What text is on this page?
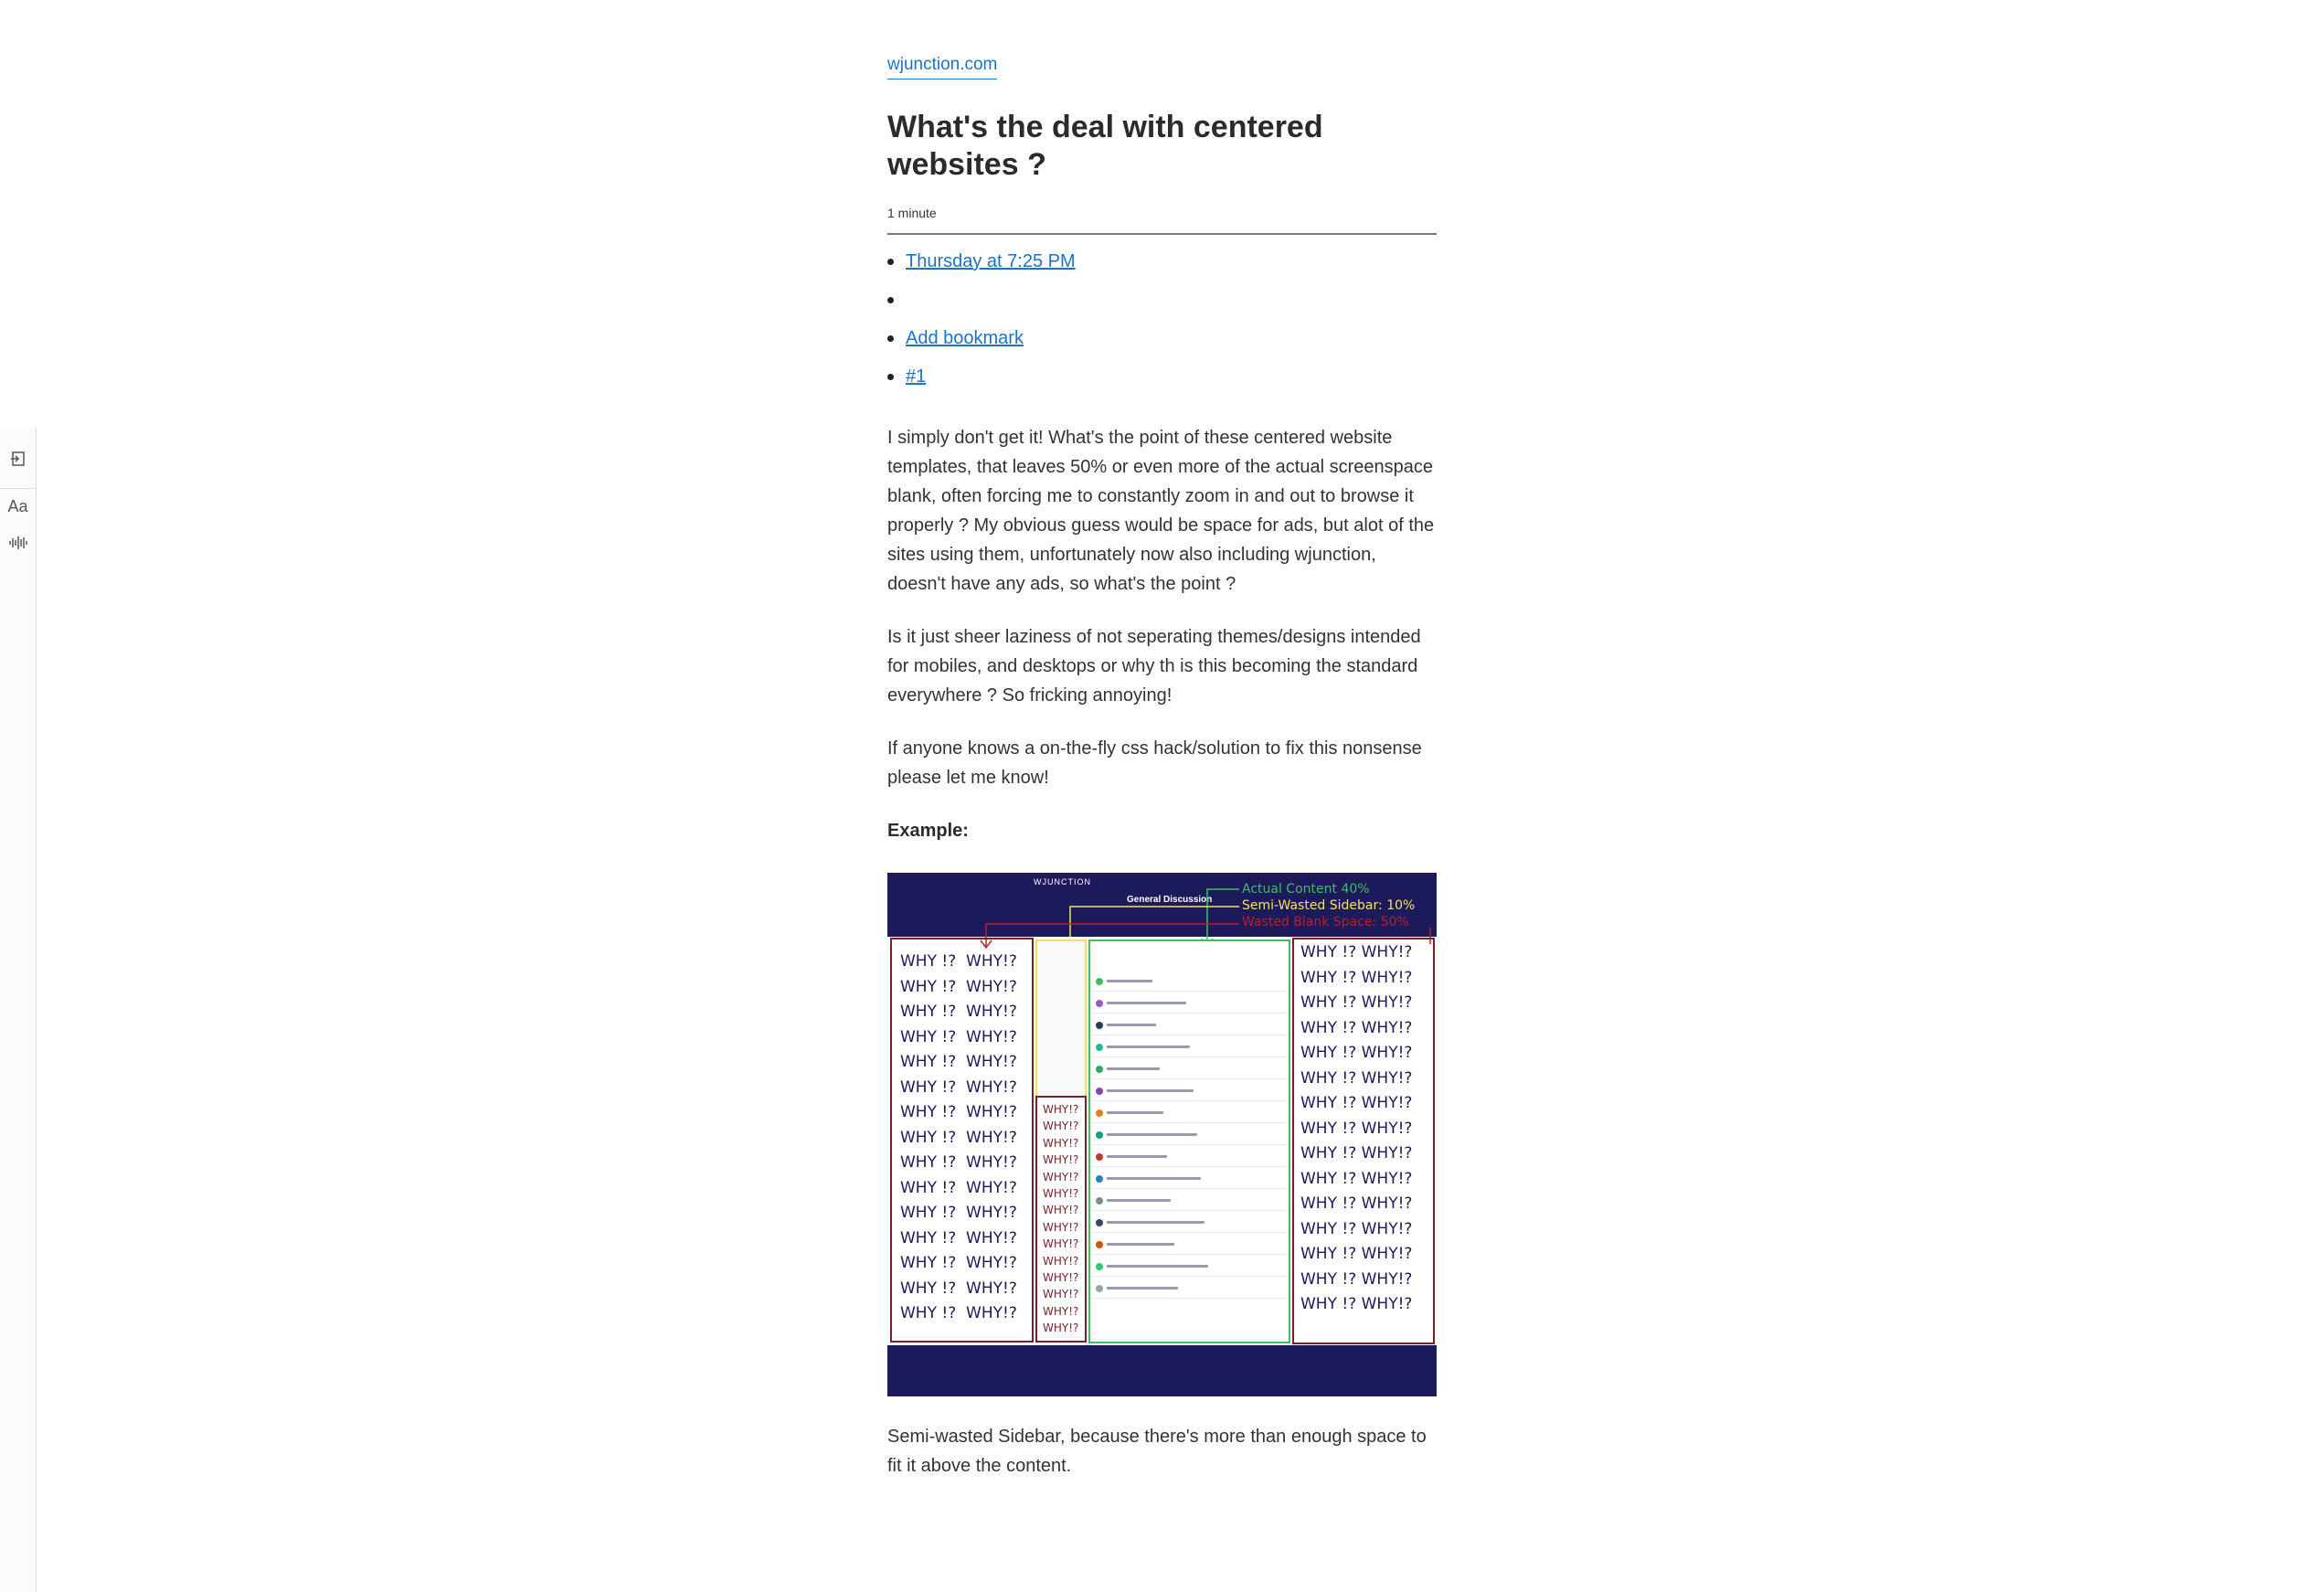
Aa
wjunction.com
What's the deal with centered websites ?
1 minute
Thursday at 7:25 PM
Add bookmark
#1

I simply don't get it! What's the point of these centered website templates, that leaves 50% or even more of the actual screenspace blank, often forcing me to constantly zoom in and out to browse it properly ? My obvious guess would be space for ads, but alot of the sites using them, unfortunately now also including wjunction, doesn't have any ads, so what's the point ?

Is it just sheer laziness of not seperating themes/designs intended for mobiles, and desktops or why th is this becoming the standard everywhere ? So fricking annoying!

If anyone knows a on-the-fly css hack/solution to fix this nonsense please let me know!

Example:

WJUNCTION
General Discussion
Actual Content 40%
Semi-Wasted Sidebar: 10%
Wasted Blank Space: 50%
WHY !?  WHY!?
WHY !?  WHY!?
WHY !?  WHY!?
WHY !?  WHY!?
WHY !?  WHY!?
WHY !?  WHY!?
WHY !?  WHY!?
WHY !?  WHY!?
WHY !?  WHY!?
WHY !?  WHY!?
WHY !?  WHY!?
WHY !?  WHY!?
WHY !?  WHY!?
WHY !?  WHY!?
WHY !?  WHY!?
WHY!?
WHY!?
WHY!?
WHY!?
WHY!?
WHY!?
WHY!?
WHY!?
WHY!?
WHY!?
WHY!?
WHY!?
WHY!?
WHY!?
WHY !? WHY!?
WHY !? WHY!?
WHY !? WHY!?
WHY !? WHY!?
WHY !? WHY!?
WHY !? WHY!?
WHY !? WHY!?
WHY !? WHY!?
WHY !? WHY!?
WHY !? WHY!?
WHY !? WHY!?
WHY !? WHY!?
WHY !? WHY!?
WHY !? WHY!?
WHY !? WHY!?

Semi-wasted Sidebar, because there's more than enough space to fit it above the content.
